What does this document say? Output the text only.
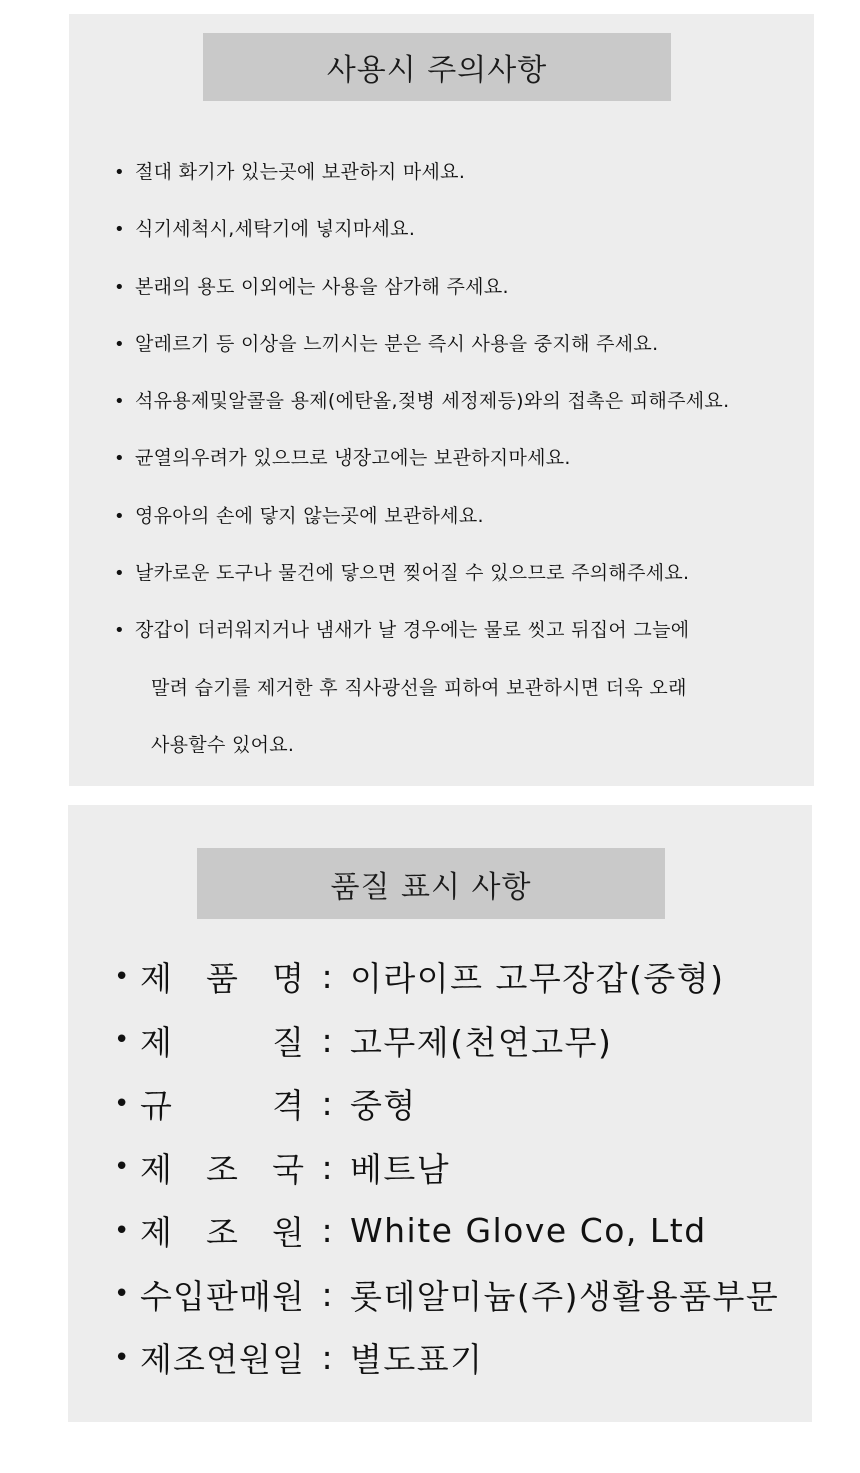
사용시 주의사항
• 절대 화기가 있는곳에 보관하지 마세요.
• 식기세척시,세탁기에 넣지마세요.
• 본래의 용도 이외에는 사용을 삼가해 주세요.
• 알레르기 등 이상을 느끼시는 분은 즉시 사용을 중지해 주세요.
• 석유용제및알콜을 용제(에탄올,젖병 세정제등)와의 접촉은 피해주세요.
• 균열의우려가 있으므로 냉장고에는 보관하지마세요.
• 영유아의 손에 닿지 않는곳에 보관하세요.
• 날카로운 도구나 물건에 닿으면 찢어질 수 있으므로 주의해주세요.
• 장갑이 더러워지거나 냄새가 날 경우에는 물로 씻고 뒤집어 그늘에
말려 습기를 제거한 후 직사광선을 피하여 보관하시면 더욱 오래
사용할수 있어요.
품질 표시 사항
• 제 품 명 : 이라이프 고무장갑(중형)
• 제	질 : 고무제(천연고무)
• 규	격 : 중형
• 제 조 국 : 베트남
• 제 조 원 : White Glove Co, Ltd
• 수 입 판 매 원 : 롯데알미늄(주)생활용품부문
• 제 조 연 원 일 : 별도표기
